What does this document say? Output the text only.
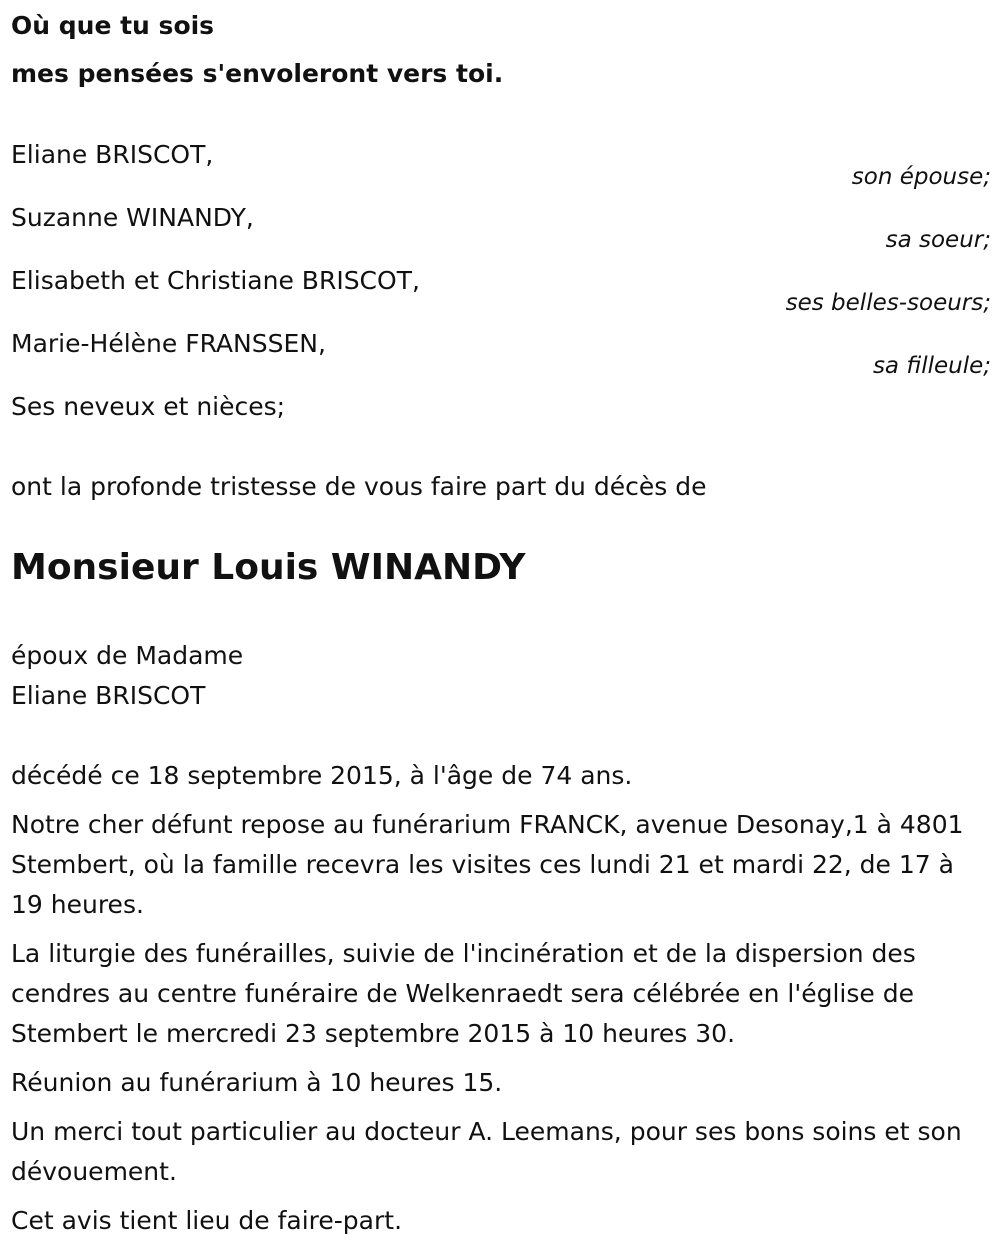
Où que tu sois
mes pensées s'envoleront vers toi.
Eliane BRISCOT,
son épouse;
Suzanne WINANDY,
sa soeur;
Elisabeth et Christiane BRISCOT,
ses belles-soeurs;
Marie-Hélène FRANSSEN,
sa filleule;
Ses neveux et nièces;
ont la profonde tristesse de vous faire part du décès de
Monsieur Louis WINANDY
époux de Madame
Eliane BRISCOT

décédé ce 18 septembre 2015, à l'âge de 74 ans.

Notre cher défunt repose au funérarium FRANCK, avenue Desonay,1 à 4801 Stembert, où la famille recevra les visites ces lundi 21 et mardi 22, de 17 à 19 heures.

La liturgie des funérailles, suivie de l'incinération et de la dispersion des cendres au centre funéraire de Welkenraedt sera célébrée en l'église de Stembert le mercredi 23 septembre 2015 à 10 heures 30.

Réunion au funérarium à 10 heures 15.

Un merci tout particulier au docteur A. Leemans, pour ses bons soins et son dévouement.

Cet avis tient lieu de faire-part.
